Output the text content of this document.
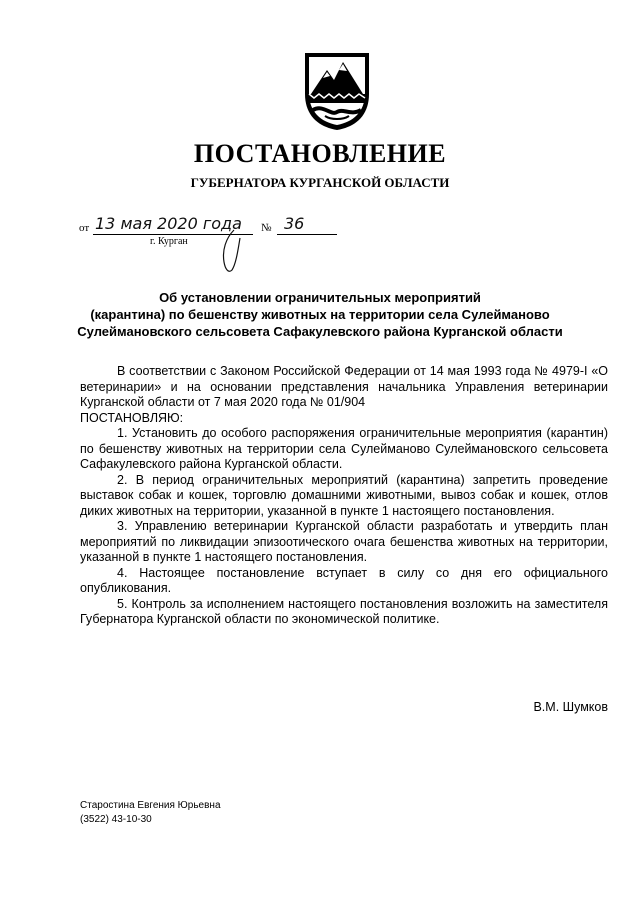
ПОСТАНОВЛЕНИЕ
ГУБЕРНАТОРА КУРГАНСКОЙ ОБЛАСТИ
от 13 мая 2020 года № 36
г. Курган
Об установлении ограничительных мероприятий
(карантина) по бешенству животных на территории села Сулейманово
Сулеймановского сельсовета Сафакулевского района Курганской области

В соответствии с Законом Российской Федерации от 14 мая 1993 года № 4979-I «О ветеринарии» и на основании представления начальника Управления ветеринарии Курганской области от 7 мая 2020 года № 01/904

ПОСТАНОВЛЯЮ:

1. Установить до особого распоряжения ограничительные мероприятия (карантин) по бешенству животных на территории села Сулейманово Сулеймановского сельсовета Сафакулевского района Курганской области.

2. В период ограничительных мероприятий (карантина) запретить проведение выставок собак и кошек, торговлю домашними животными, вывоз собак и кошек, отлов диких животных на территории, указанной в пункте 1 настоящего постановления.

3. Управлению ветеринарии Курганской области разработать и утвердить план мероприятий по ликвидации эпизоотического очага бешенства животных на территории, указанной в пункте 1 настоящего постановления.

4. Настоящее постановление вступает в силу со дня его официального опубликования.

5. Контроль за исполнением настоящего постановления возложить на заместителя Губернатора Курганской области по экономической политике.

В.М. Шумков
Старостина Евгения Юрьевна
(3522) 43-10-30
